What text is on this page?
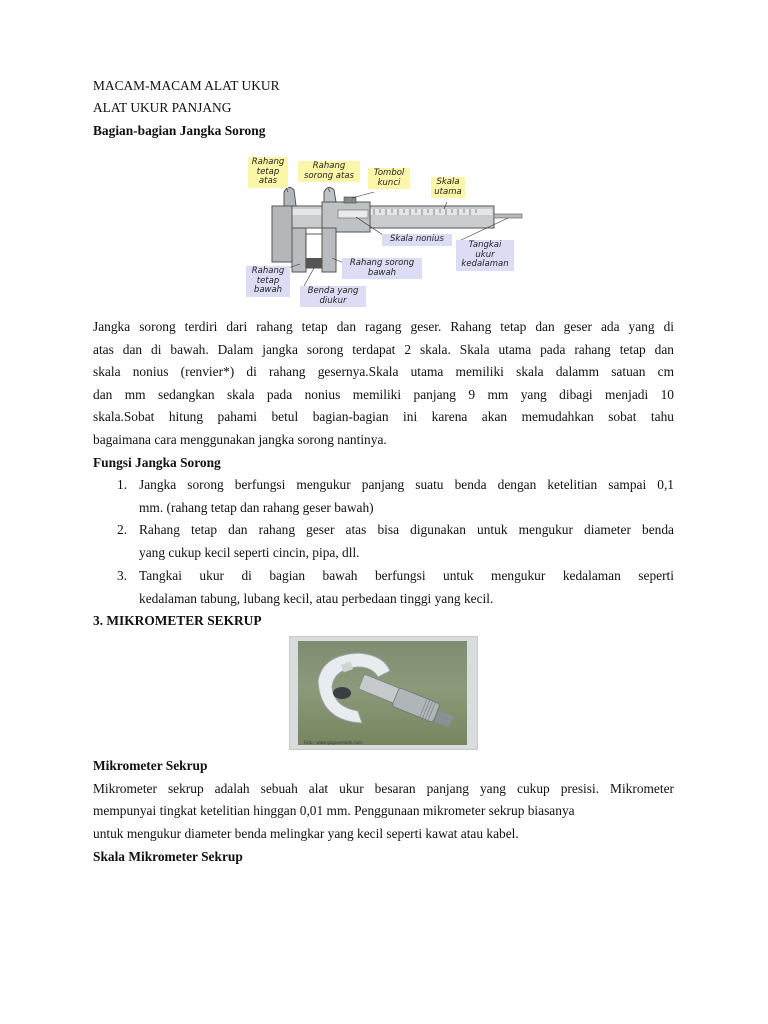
MACAM-MACAM ALAT UKUR
ALAT UKUR PANJANG
Bagian-bagian Jangka Sorong
Rahang
tetap
atas
Rahang
sorong atas	Tombol
kunci	Skala
utama
Skala nonius
Tangkai
ukur
kedalaman
Rahang
tetap
bawah
Rahang sorong
bawah
Benda yang
diukur
Jangka sorong terdiri dari rahang tetap dan ragang geser. Rahang tetap dan geser ada yang di
atas dan di bawah. Dalam jangka sorong terdapat 2 skala. Skala utama pada rahang tetap dan
skala nonius (renvier*) di rahang gesernya.Skala utama memiliki skala dalamm satuan cm
dan mm sedangkan skala pada nonius memiliki panjang 9 mm yang dibagi menjadi 10
skala.Sobat hitung pahami betul bagian-bagian ini karena akan memudahkan sobat tahu
bagaimana cara menggunakan jangka sorong nantinya.
Fungsi Jangka Sorong
1. Jangka sorong berfungsi mengukur panjang suatu benda dengan ketelitian sampai 0,1
mm. (rahang tetap dan rahang geser bawah)
2. Rahang tetap dan rahang geser atas bisa digunakan untuk mengukur diameter benda
yang cukup kecil seperti cincin, pipa, dll.
3. Tangkai ukur di bagian bawah berfungsi untuk mengukur kedalaman seperti
kedalaman tabung, lubang kecil, atau perbedaan tinggi yang kecil.
3. MIKROMETER SEKRUP
Foto : www.gogoamaide.com
Mikrometer Sekrup
Mikrometer sekrup adalah sebuah alat ukur besaran panjang yang cukup presisi. Mikrometer
mempunyai tingkat ketelitian hinggan 0,01 mm. Penggunaan mikrometer sekrup biasanya
untuk mengukur diameter benda melingkar yang kecil seperti kawat atau kabel.
Skala Mikrometer Sekrup
